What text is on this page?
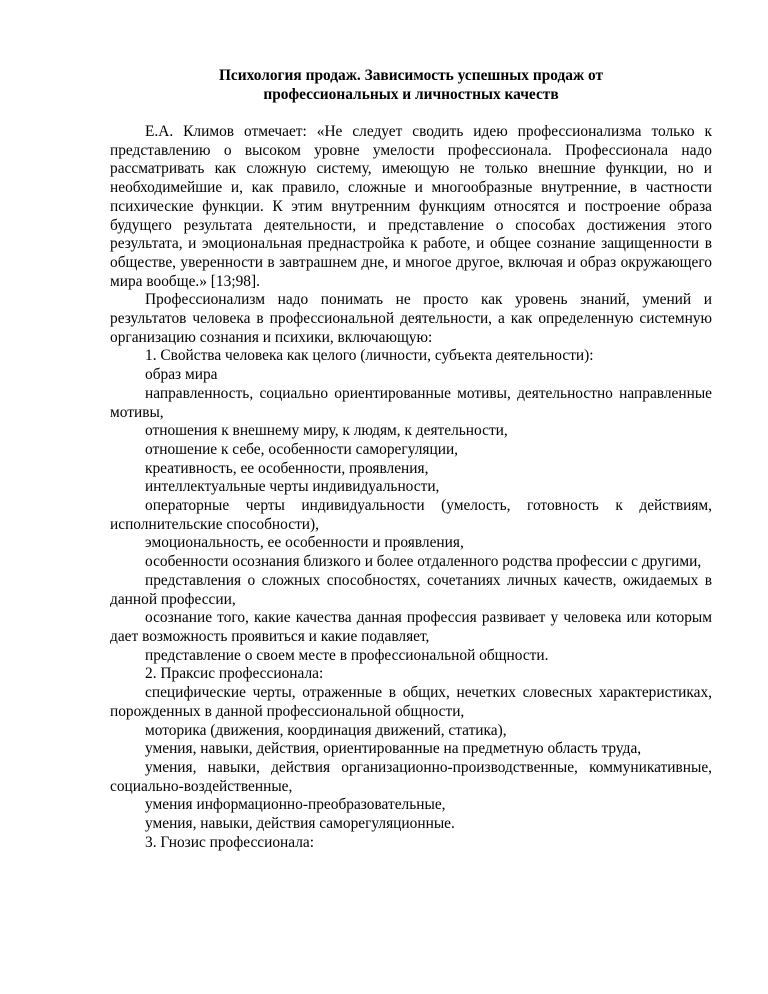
Психология продаж. Зависимость успешных продаж от
профессиональных и личностных качеств

Е.А. Климов отмечает: «Не следует сводить идею профессионализма только к представлению о высоком уровне умелости профессионала. Профессионала надо рассматривать как сложную систему, имеющую не только внешние функции, но и необходимейшие и, как правило, сложные и многообразные внутренние, в частности психические функции. К этим внутренним функциям относятся и построение образа будущего результата деятельности, и представление о способах достижения этого результата, и эмоциональная преднастройка к работе, и общее сознание защищенности в обществе, уверенности в завтрашнем дне, и многое другое, включая и образ окружающего мира вообще.» [13;98].

Профессионализм надо понимать не просто как уровень знаний, умений и результатов человека в профессиональной деятельности, а как определенную системную организацию сознания и психики, включающую:

1. Свойства человека как целого (личности, субъекта деятельности):

образ мира

направленность, социально ориентированные мотивы, деятельностно направленные мотивы,

отношения к внешнему миру, к людям, к деятельности,

отношение к себе, особенности саморегуляции,

креативность, ее особенности, проявления,

интеллектуальные черты индивидуальности,

операторные черты индивидуальности (умелость, готовность к действиям, исполнительские способности),

эмоциональность, ее особенности и проявления,

особенности осознания близкого и более отдаленного родства профессии с другими,

представления о сложных способностях, сочетаниях личных качеств, ожидаемых в данной профессии,

осознание того, какие качества данная профессия развивает у человека или которым дает возможность проявиться и какие подавляет,

представление о своем месте в профессиональной общности.

2. Праксис профессионала:

специфические черты, отраженные в общих, нечетких словесных характеристиках, порожденных в данной профессиональной общности,

моторика (движения, координация движений, статика),

умения, навыки, действия, ориентированные на предметную область труда,

умения, навыки, действия организационно-производственные, коммуникативные, социально-воздейственные,

умения информационно-преобразовательные,

умения, навыки, действия саморегуляционные.

3. Гнозис профессионала:
